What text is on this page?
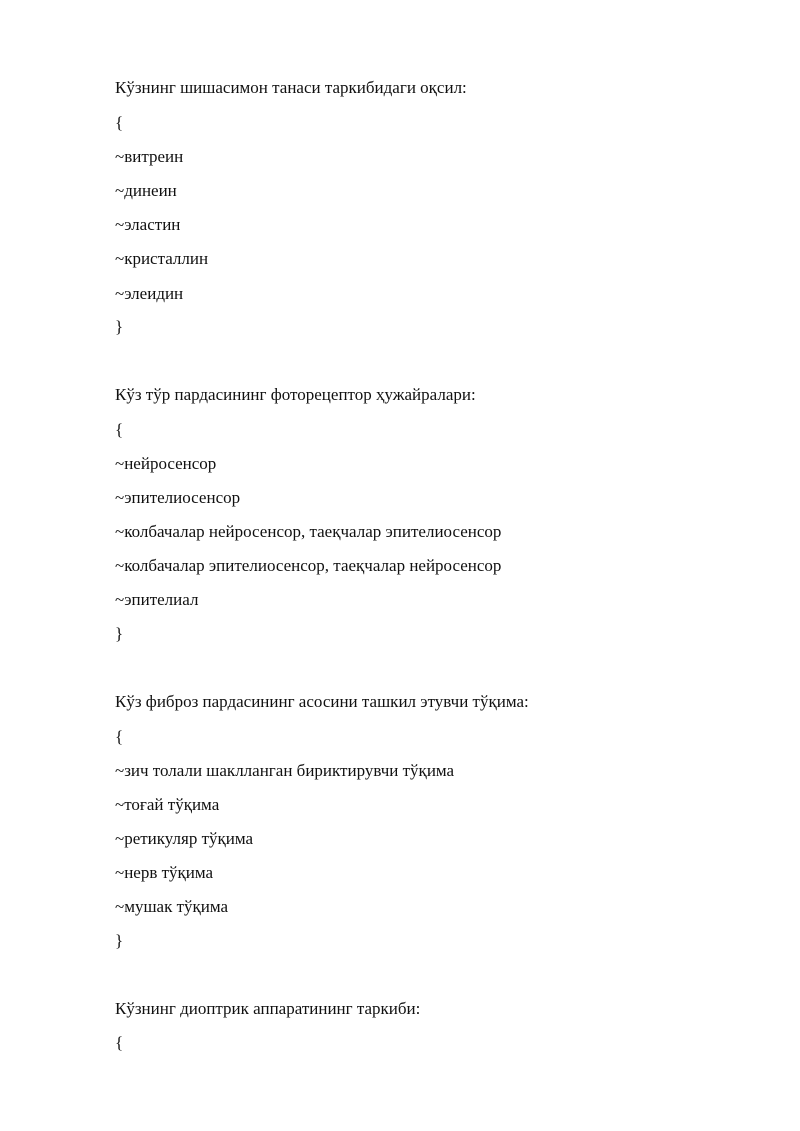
Кўзнинг шишасимон танаси таркибидаги оқсил:
{
~витреин
~динеин
~эластин
~кристаллин
~элеидин
}
Кўз тўр пардасининг фоторецептор ҳужайралари:
{
~нейросенсор
~эпителиосенсор
~колбачалар нейросенсор, таеқчалар эпителиосенсор
~колбачалар эпителиосенсор, таеқчалар нейросенсор
~эпителиал
}
Кўз фиброз пардасининг асосини ташкил этувчи тўқима:
{
~зич толали шаклланган бириктирувчи тўқима
~тоғай тўқима
~ретикуляр тўқима
~нерв тўқима
~мушак тўқима
}
Кўзнинг диоптрик аппаратининг таркиби:
{
